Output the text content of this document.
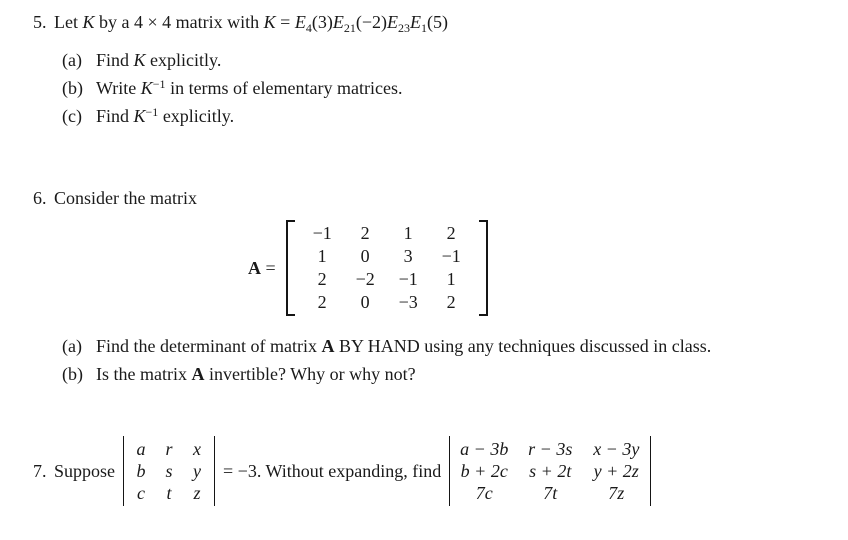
5. Let K by a 4 × 4 matrix with $K = E_4(3)E_{21}(-2)E_{23}E_1(5)$
(a) Find K explicitly.
(b) Write $K^{-1}$ in terms of elementary matrices.
(c) Find $K^{-1}$ explicitly.
6. Consider the matrix
A =
−1	2	1	2
1	0	3	−1
2	−2	−1	1
2	0	−3	2
(a) Find the determinant of matrix A BY HAND using any techniques discussed in class.
(b) Is the matrix A invertible? Why or why not?
7. Suppose
a	r	x
b	s	y
c	t	z
= −3. Without expanding, find
a − 3b	r − 3s	x − 3y
b + 2c	s + 2t	y + 2z
7c	7t	7z
